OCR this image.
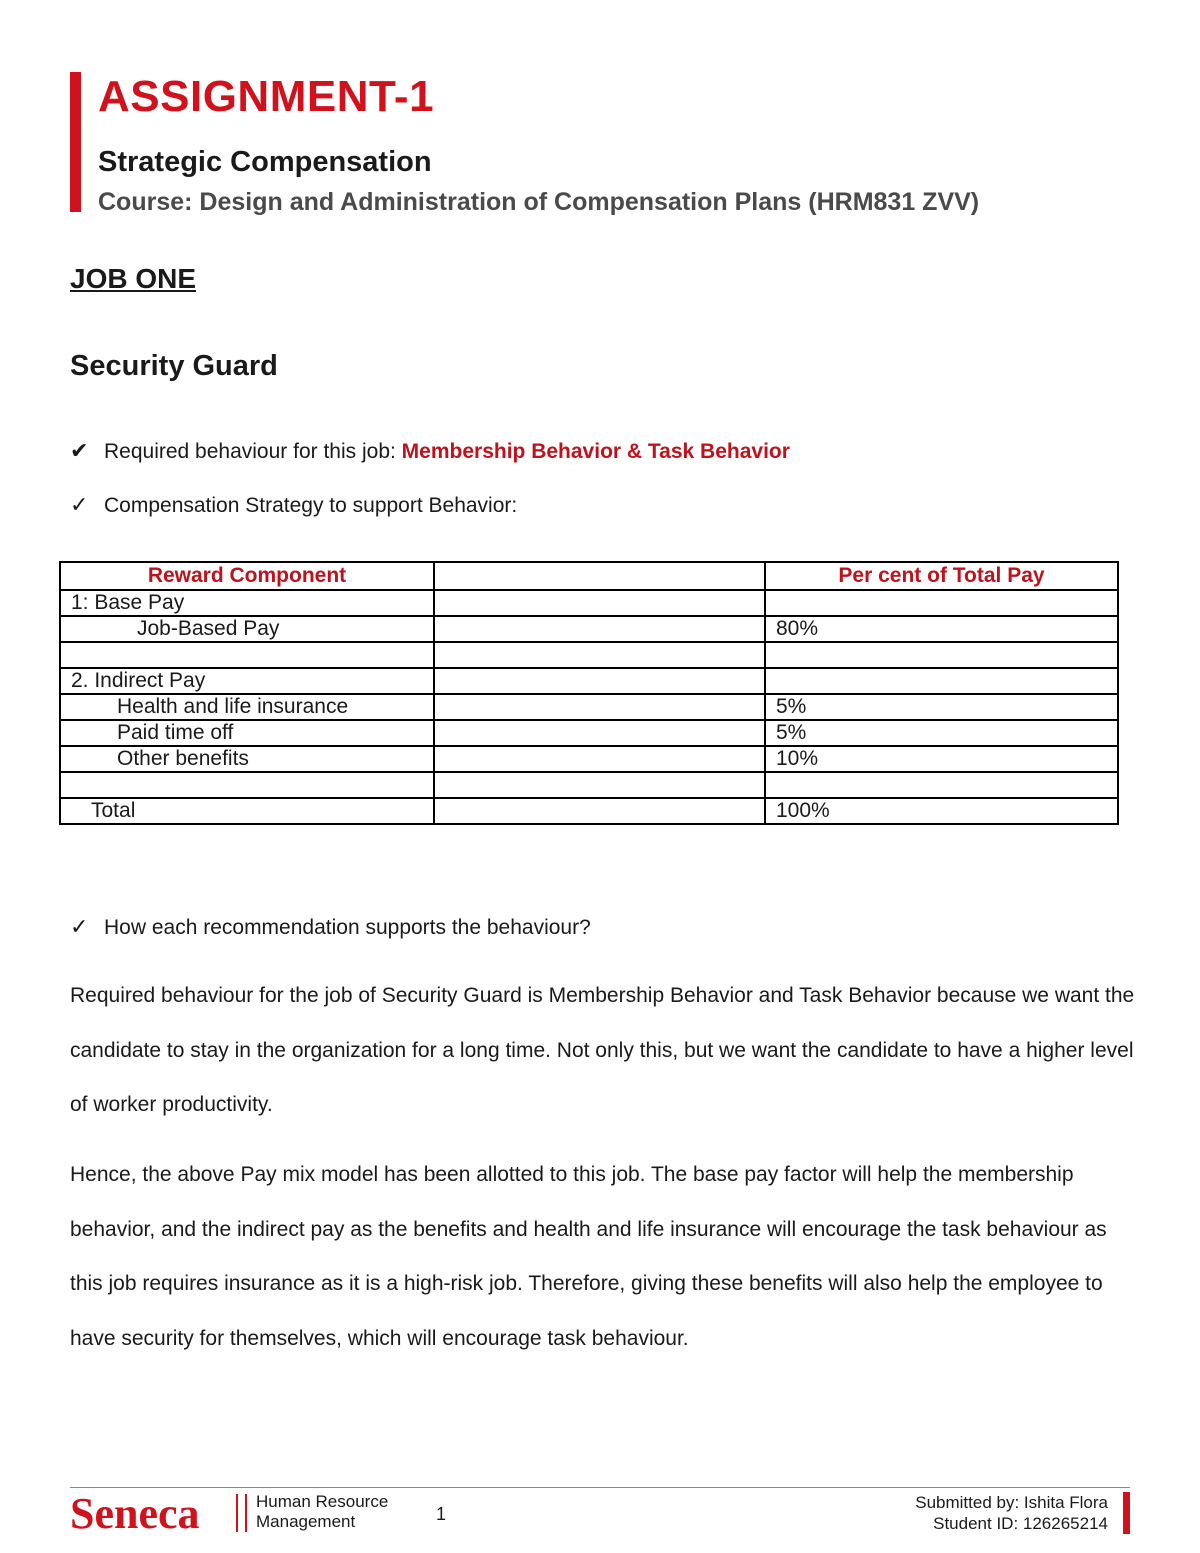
ASSIGNMENT-1
Strategic Compensation
Course: Design and Administration of Compensation Plans (HRM831 ZVV)
JOB ONE
Security Guard
✔ Required behaviour for this job: Membership Behavior & Task Behavior
✓ Compensation Strategy to support Behavior:
Reward Component		Per cent of Total Pay
1: Base Pay		
Job-Based Pay		80%

2. Indirect Pay		
Health and life insurance		5%
Paid time off		5%
Other benefits		10%

Total		100%
✓ How each recommendation supports the behaviour?

Required behaviour for the job of Security Guard is Membership Behavior and Task Behavior because we want the candidate to stay in the organization for a long time. Not only this, but we want the candidate to have a higher level of worker productivity.

Hence, the above Pay mix model has been allotted to this job. The base pay factor will help the membership behavior, and the indirect pay as the benefits and health and life insurance will encourage the task behaviour as this job requires insurance as it is a high-risk job. Therefore, giving these benefits will also help the employee to have security for themselves, which will encourage task behaviour.

Seneca	Human Resource
Management	1
Submitted by: Ishita Flora
Student ID: 126265214
